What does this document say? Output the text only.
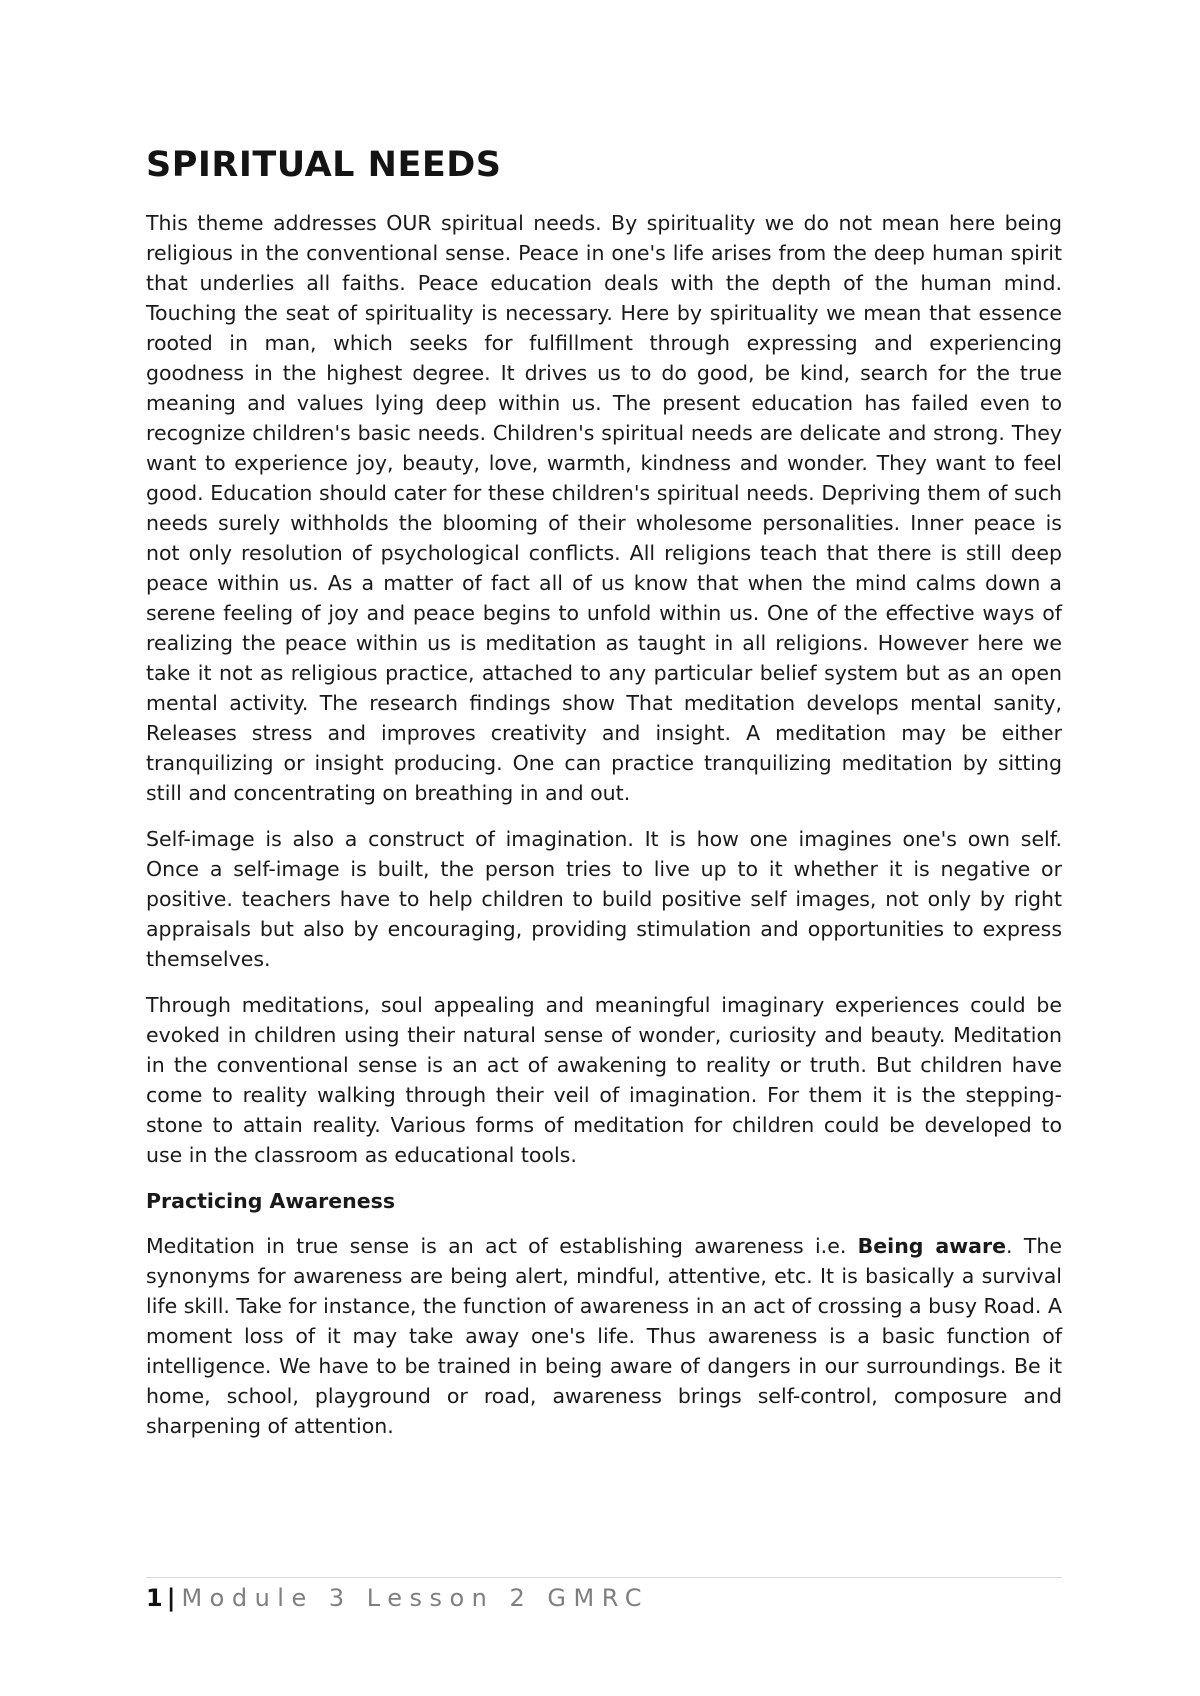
SPIRITUAL NEEDS

This theme addresses OUR spiritual needs. By spirituality we do not mean here being religious in the conventional sense. Peace in one's life arises from the deep human spirit that underlies all faiths. Peace education deals with the depth of the human mind. Touching the seat of spirituality is necessary. Here by spirituality we mean that essence rooted in man, which seeks for fulfillment through expressing and experiencing goodness in the highest degree. It drives us to do good, be kind, search for the true meaning and values lying deep within us. The present education has failed even to recognize children's basic needs. Children's spiritual needs are delicate and strong. They want to experience joy, beauty, love, warmth, kindness and wonder. They want to feel good. Education should cater for these children's spiritual needs. Depriving them of such needs surely withholds the blooming of their wholesome personalities. Inner peace is not only resolution of psychological conflicts. All religions teach that there is still deep peace within us. As a matter of fact all of us know that when the mind calms down a serene feeling of joy and peace begins to unfold within us. One of the effective ways of realizing the peace within us is meditation as taught in all religions. However here we take it not as religious practice, attached to any particular belief system but as an open mental activity. The research findings show That meditation develops mental sanity, Releases stress and improves creativity and insight. A meditation may be either tranquilizing or insight producing. One can practice tranquilizing meditation by sitting still and concentrating on breathing in and out.

Self-image is also a construct of imagination. It is how one imagines one's own self. Once a self-image is built, the person tries to live up to it whether it is negative or positive. teachers have to help children to build positive self images, not only by right appraisals but also by encouraging, providing stimulation and opportunities to express themselves.

Through meditations, soul appealing and meaningful imaginary experiences could be evoked in children using their natural sense of wonder, curiosity and beauty. Meditation in the conventional sense is an act of awakening to reality or truth. But children have come to reality walking through their veil of imagination. For them it is the stepping- stone to attain reality. Various forms of meditation for children could be developed to use in the classroom as educational tools.

Practicing Awareness

Meditation in true sense is an act of establishing awareness i.e. Being aware. The synonyms for awareness are being alert, mindful, attentive, etc. It is basically a survival life skill. Take for instance, the function of awareness in an act of crossing a busy Road. A moment loss of it may take away one's life. Thus awareness is a basic function of intelligence. We have to be trained in being aware of dangers in our surroundings. Be it home, school, playground or road, awareness brings self-control, composure and sharpening of attention.

1 | Module 3 Lesson 2 GMRC
